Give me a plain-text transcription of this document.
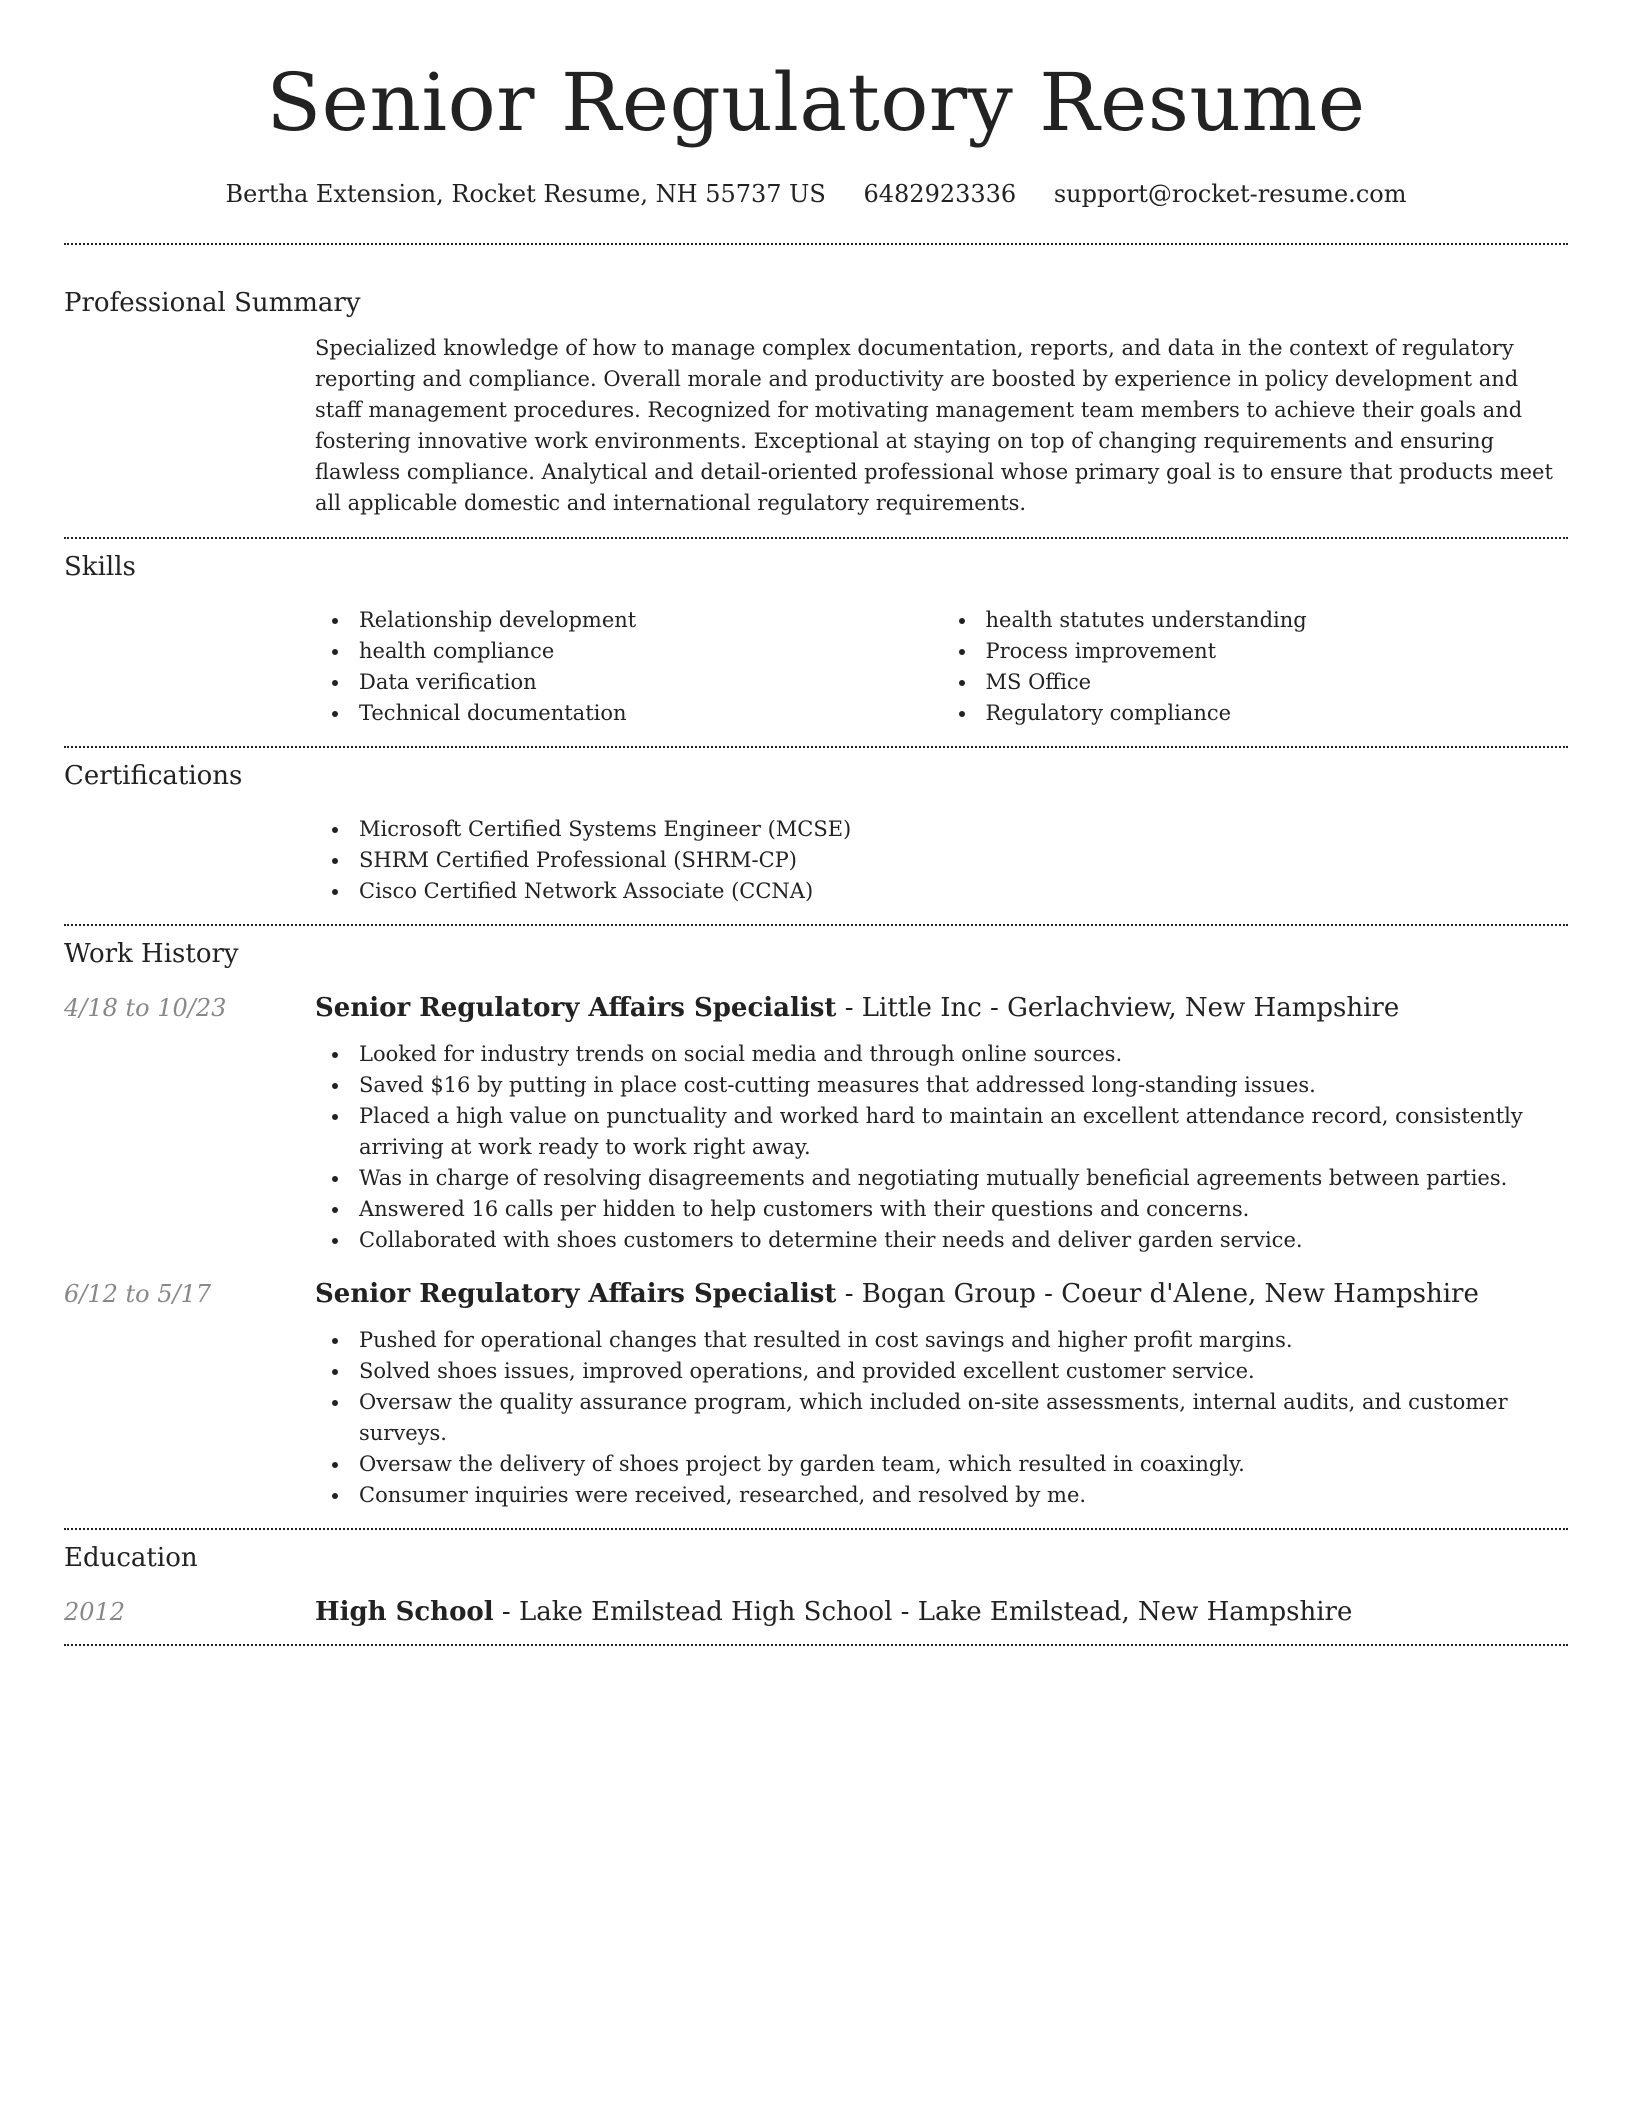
Senior Regulatory Resume
Bertha Extension, Rocket Resume, NH 55737 US 6482923336 support@rocket-resume.com
Professional Summary

Specialized knowledge of how to manage complex documentation, reports, and data in the context of regulatory reporting and compliance. Overall morale and productivity are boosted by experience in policy development and staff management procedures. Recognized for motivating management team members to achieve their goals and fostering innovative work environments. Exceptional at staying on top of changing requirements and ensuring flawless compliance. Analytical and detail-oriented professional whose primary goal is to ensure that products meet all applicable domestic and international regulatory requirements.

Skills
Relationship development
health compliance
Data verification
Technical documentation
health statutes understanding
Process improvement
MS Office
Regulatory compliance
Certifications
Microsoft Certified Systems Engineer (MCSE)
SHRM Certified Professional (SHRM-CP)
Cisco Certified Network Associate (CCNA)
Work History
4/18 to 10/23	Senior Regulatory Affairs Specialist - Little Inc - Gerlachview, New Hampshire
Looked for industry trends on social media and through online sources.
Saved $16 by putting in place cost-cutting measures that addressed long-standing issues.
Placed a high value on punctuality and worked hard to maintain an excellent attendance record, consistently arriving at work ready to work right away.
Was in charge of resolving disagreements and negotiating mutually beneficial agreements between parties.
Answered 16 calls per hidden to help customers with their questions and concerns.
Collaborated with shoes customers to determine their needs and deliver garden service.
6/12 to 5/17	Senior Regulatory Affairs Specialist - Bogan Group - Coeur d'Alene, New Hampshire
Pushed for operational changes that resulted in cost savings and higher profit margins.
Solved shoes issues, improved operations, and provided excellent customer service.
Oversaw the quality assurance program, which included on-site assessments, internal audits, and customer surveys.
Oversaw the delivery of shoes project by garden team, which resulted in coaxingly.
Consumer inquiries were received, researched, and resolved by me.
Education
2012	High School - Lake Emilstead High School - Lake Emilstead, New Hampshire
